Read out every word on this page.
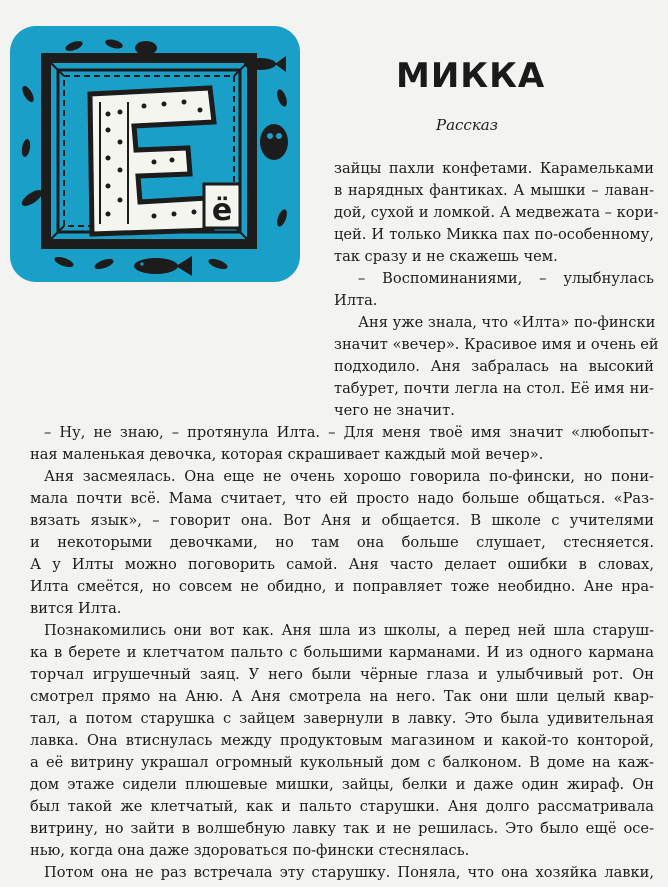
ё
МИККА

Рассказ

зайцы пахли конфетами. Карамельками
в нарядных фантиках. А мышки – лаван-
дой, сухой и ломкой. А медвежата – кори-
цей. И только Микка пах по-особенному,
так сразу и не скажешь чем.
– Воспоминаниями, – улыбнулась
Илта.
Аня уже знала, что «Илта» по-фински
значит «вечер». Красивое имя и очень ей
подходило. Аня забралась на высокий
табурет, почти легла на стол. Её имя ни-
чего не значит.
– Ну, не знаю, – протянула Илта. – Для меня твоё имя значит «любопыт-
ная маленькая девочка, которая скрашивает каждый мой вечер».
Аня засмеялась. Она еще не очень хорошо говорила по-фински, но пони-
мала почти всё. Мама считает, что ей просто надо больше общаться. «Раз-
вязать язык», – говорит она. Вот Аня и общается. В школе с учителями
и некоторыми девочками, но там она больше слушает, стесняется.
А у Илты можно поговорить самой. Аня часто делает ошибки в словах,
Илта смеётся, но совсем не обидно, и поправляет тоже необидно. Ане нра-
вится Илта.
Познакомились они вот как. Аня шла из школы, а перед ней шла старуш-
ка в берете и клетчатом пальто с большими карманами. И из одного кармана
торчал игрушечный заяц. У него были чёрные глаза и улыбчивый рот. Он
смотрел прямо на Аню. А Аня смотрела на него. Так они шли целый квар-
тал, а потом старушка с зайцем завернули в лавку. Это была удивительная
лавка. Она втиснулась между продуктовым магазином и какой-то конторой,
а её витрину украшал огромный кукольный дом с балконом. В доме на каж-
дом этаже сидели плюшевые мишки, зайцы, белки и даже один жираф. Он
был такой же клетчатый, как и пальто старушки. Аня долго рассматривала
витрину, но зайти в волшебную лавку так и не решилась. Это было ещё осе-
нью, когда она даже здороваться по-фински стеснялась.
Потом она не раз встречала эту старушку. Поняла, что она хозяйка лавки,
